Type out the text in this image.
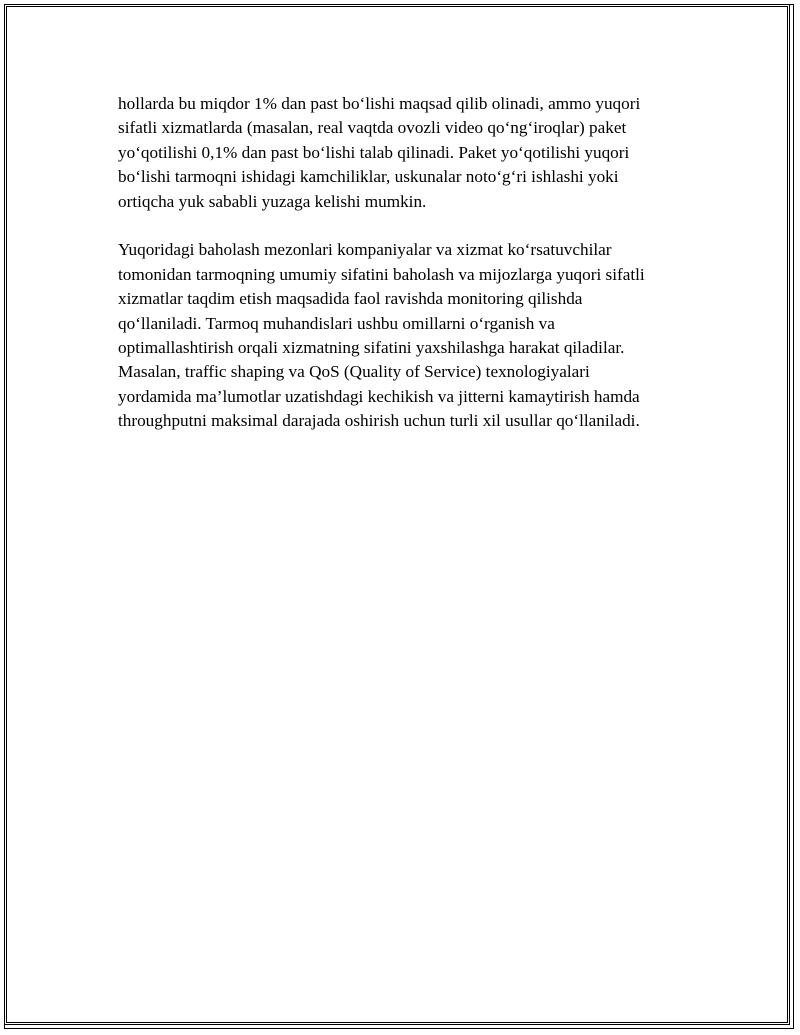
hollarda bu miqdor 1% dan past bo‘lishi maqsad qilib olinadi, ammo yuqori
sifatli xizmatlarda (masalan, real vaqtda ovozli video qo‘ng‘iroqlar) paket
yo‘qotilishi 0,1% dan past bo‘lishi talab qilinadi. Paket yo‘qotilishi yuqori
bo‘lishi tarmoqni ishidagi kamchiliklar, uskunalar noto‘g‘ri ishlashi yoki
ortiqcha yuk sababli yuzaga kelishi mumkin.

Yuqoridagi baholash mezonlari kompaniyalar va xizmat ko‘rsatuvchilar
tomonidan tarmoqning umumiy sifatini baholash va mijozlarga yuqori sifatli
xizmatlar taqdim etish maqsadida faol ravishda monitoring qilishda
qo‘llaniladi. Tarmoq muhandislari ushbu omillarni o‘rganish va
optimallashtirish orqali xizmatning sifatini yaxshilashga harakat qiladilar.
Masalan, traffic shaping va QoS (Quality of Service) texnologiyalari
yordamida ma’lumotlar uzatishdagi kechikish va jitterni kamaytirish hamda
throughputni maksimal darajada oshirish uchun turli xil usullar qo‘llaniladi.
